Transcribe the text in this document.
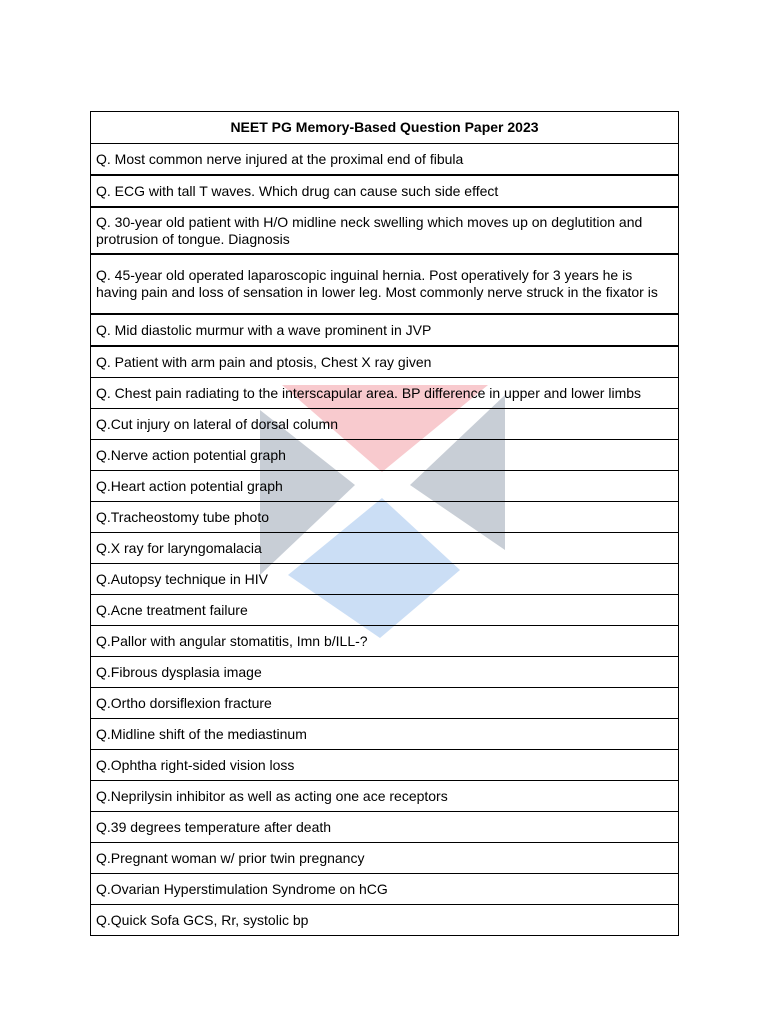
NEET PG Memory-Based Question Paper 2023
Q. Most common nerve injured at the proximal end of fibula
Q. ECG with tall T waves. Which drug can cause such side effect
Q. 30-year old patient with H/O midline neck swelling which moves up on deglutition and protrusion of tongue. Diagnosis
Q. 45-year old operated laparoscopic inguinal hernia. Post operatively for 3 years he is having pain and loss of sensation in lower leg. Most commonly nerve struck in the fixator is
Q. Mid diastolic murmur with a wave prominent in JVP
Q. Patient with arm pain and ptosis, Chest X ray given
Q. Chest pain radiating to the interscapular area. BP difference in upper and lower limbs
Q.Cut injury on lateral of dorsal column
Q.Nerve action potential graph
Q.Heart action potential graph
Q.Tracheostomy tube photo
Q.X ray for laryngomalacia
Q.Autopsy technique in HIV
Q.Acne treatment failure
Q.Pallor with angular stomatitis, Imn b/ILL-?
Q.Fibrous dysplasia image
Q.Ortho dorsiflexion fracture
Q.Midline shift of the mediastinum
Q.Ophtha right-sided vision loss
Q.Neprilysin inhibitor as well as acting one ace receptors
Q.39 degrees temperature after death
Q.Pregnant woman w/ prior twin pregnancy
Q.Ovarian Hyperstimulation Syndrome on hCG
Q.Quick Sofa GCS, Rr, systolic bp
